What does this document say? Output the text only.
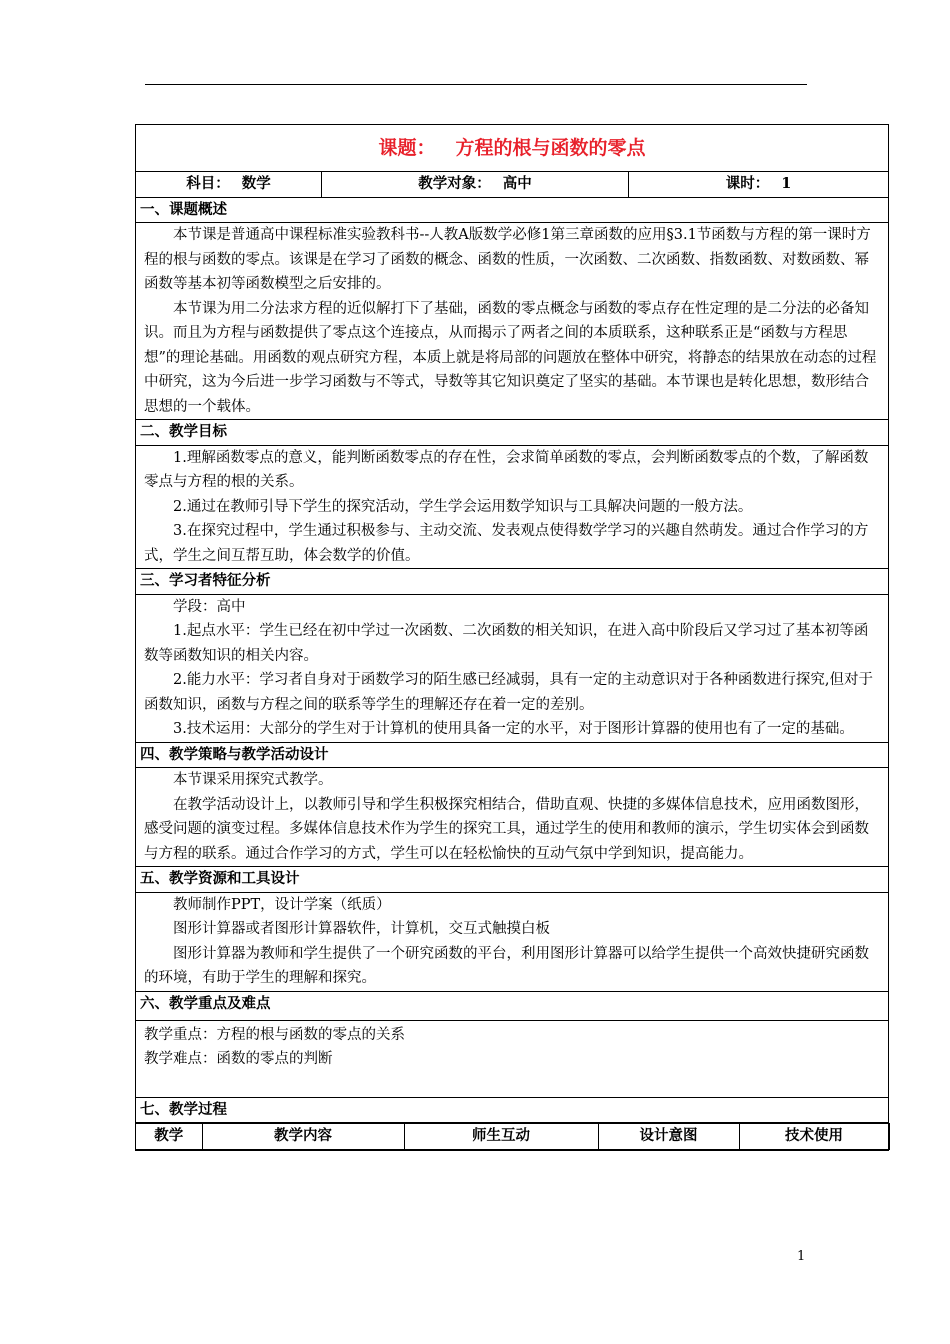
课题： 方程的根与函数的零点
科目： 数学	教学对象： 高中	课时： 1
一、课题概述

本节课是普通高中课程标准实验教科书--人教A版数学必修1第三章函数的应用§3.1节函数与方程的第一课时方程的根与函数的零点。该课是在学习了函数的概念、函数的性质，一次函数、二次函数、指数函数、对数函数、幂函数等基本初等函数模型之后安排的。

本节课为用二分法求方程的近似解打下了基础，函数的零点概念与函数的零点存在性定理的是二分法的必备知识。而且为方程与函数提供了零点这个连接点，从而揭示了两者之间的本质联系，这种联系正是“函数与方程思想”的理论基础。用函数的观点研究方程，本质上就是将局部的问题放在整体中研究，将静态的结果放在动态的过程中研究，这为今后进一步学习函数与不等式，导数等其它知识奠定了坚实的基础。本节课也是转化思想，数形结合思想的一个载体。

二、教学目标

1.理解函数零点的意义，能判断函数零点的存在性，会求简单函数的零点，会判断函数零点的个数，了解函数零点与方程的根的关系。

2.通过在教师引导下学生的探究活动，学生学会运用数学知识与工具解决问题的一般方法。

3.在探究过程中，学生通过积极参与、主动交流、发表观点使得数学学习的兴趣自然萌发。通过合作学习的方式，学生之间互帮互助，体会数学的价值。

三、学习者特征分析

学段：高中

1.起点水平：学生已经在初中学过一次函数、二次函数的相关知识，在进入高中阶段后又学习过了基本初等函数等函数知识的相关内容。

2.能力水平：学习者自身对于函数学习的陌生感已经减弱，具有一定的主动意识对于各种函数进行探究,但对于函数知识，函数与方程之间的联系等学生的理解还存在着一定的差别。

3.技术运用：大部分的学生对于计算机的使用具备一定的水平，对于图形计算器的使用也有了一定的基础。

四、教学策略与教学活动设计

本节课采用探究式教学。

在教学活动设计上，以教师引导和学生积极探究相结合，借助直观、快捷的多媒体信息技术，应用函数图形，感受问题的演变过程。多媒体信息技术作为学生的探究工具，通过学生的使用和教师的演示，学生切实体会到函数与方程的联系。通过合作学习的方式，学生可以在轻松愉快的互动气氛中学到知识，提高能力。

五、教学资源和工具设计

教师制作PPT，设计学案（纸质）

图形计算器或者图形计算器软件，计算机，交互式触摸白板

图形计算器为教师和学生提供了一个研究函数的平台，利用图形计算器可以给学生提供一个高效快捷研究函数的环境，有助于学生的理解和探究。

六、教学重点及难点

教学重点：方程的根与函数的零点的关系

教学难点：函数的零点的判断

七、教学过程

教学	教学内容	师生互动	设计意图	技术使用
1
